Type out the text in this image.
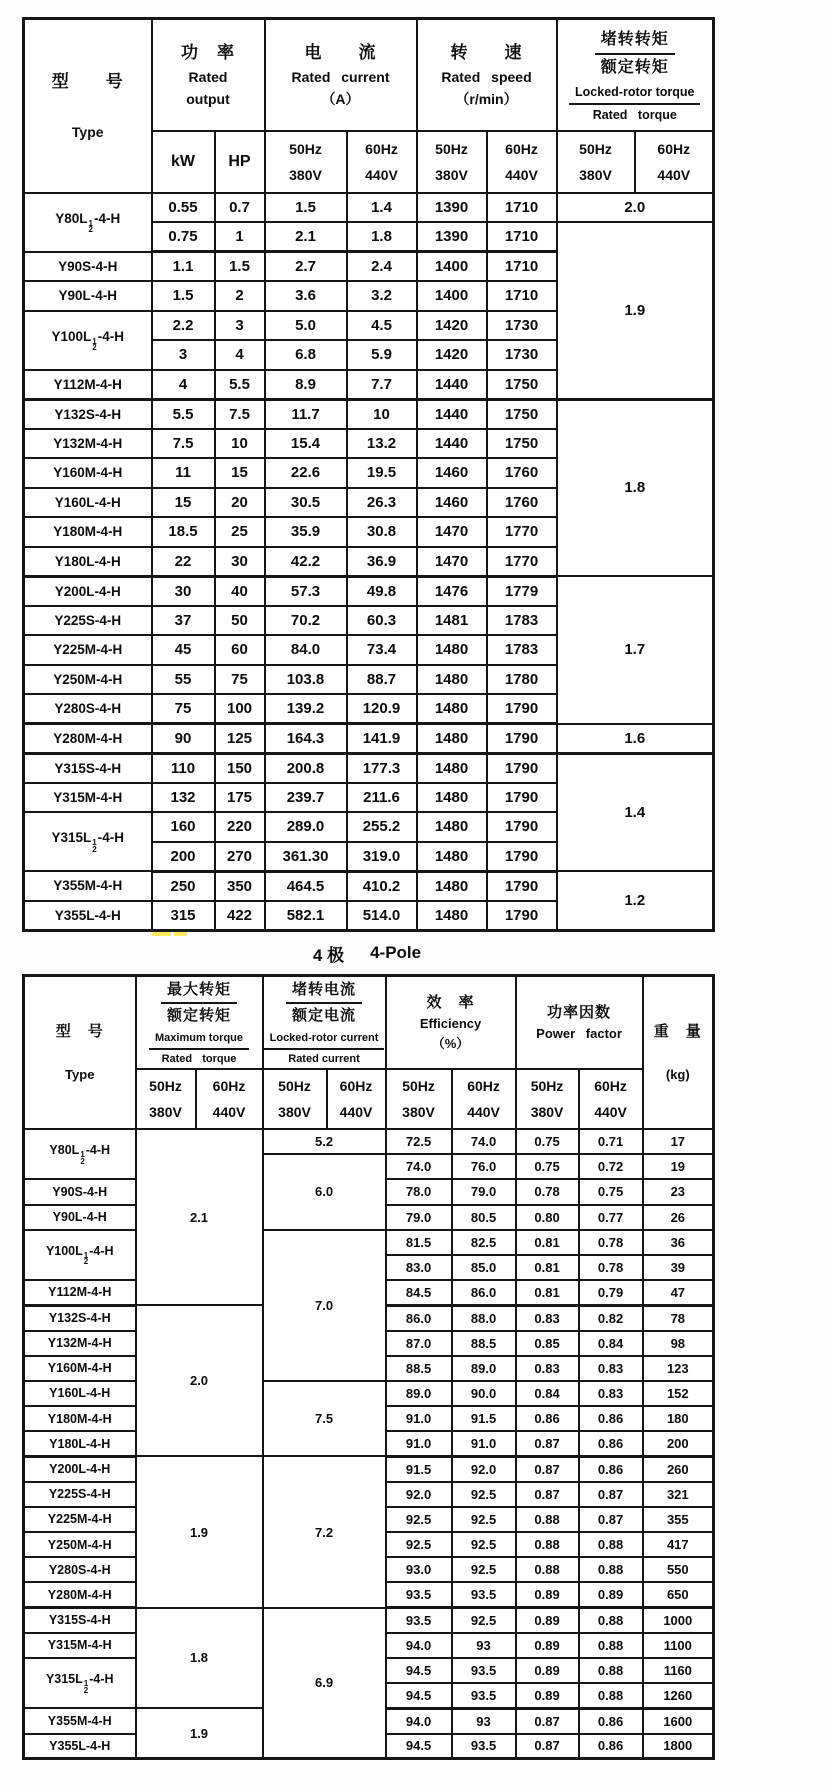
型　　号
Type

功　率
Rated
output

电　　流
Rated current
（A）

转　　速
Rated speed
（r/min）

堵转转矩
额定转矩
Locked-rotor torque
Rated torque

kW	HP	
50Hz
380V

60Hz
440V

50Hz
380V

60Hz
440V

50Hz
380V

60Hz
440V

Y80L 1
2
-4-H	0.55	0.7	1.5	1.4	1390	1710	2.0	
	0.75	1	2.1	1.8	1390	1710	1.9	
Y90S-4-H	1.1	1.5	2.7	2.4	1400	1710		
Y90L-4-H	1.5	2	3.6	3.2	1400	1710		
Y100L 1
2
-4-H	2.2	3	5.0	4.5	1420	1730		
	3	4	6.8	5.9	1420	1730		
Y112M-4-H	4	5.5	8.9	7.7	1440	1750		
Y132S-4-H	5.5	7.5	11.7	10	1440	1750	1.8	
Y132M-4-H	7.5	10	15.4	13.2	1440	1750		
Y160M-4-H	11	15	22.6	19.5	1460	1760		
Y160L-4-H	15	20	30.5	26.3	1460	1760		
Y180M-4-H	18.5	25	35.9	30.8	1470	1770		
Y180L-4-H	22	30	42.2	36.9	1470	1770		
Y200L-4-H	30	40	57.3	49.8	1476	1779	1.7	
Y225S-4-H	37	50	70.2	60.3	1481	1783		
Y225M-4-H	45	60	84.0	73.4	1480	1783		
Y250M-4-H	55	75	103.8	88.7	1480	1780		
Y280S-4-H	75	100	139.2	120.9	1480	1790		
Y280M-4-H	90	125	164.3	141.9	1480	1790	1.6	
Y315S-4-H	110	150	200.8	177.3	1480	1790	1.4	
Y315M-4-H	132	175	239.7	211.6	1480	1790		
Y315L 1
2
-4-H	160	220	289.0	255.2	1480	1790		
	200	270	361.30	319.0	1480	1790		
Y355M-4-H	250	350	464.5	410.2	1480	1790	1.2	
Y355L-4-H	315	422	582.1	514.0	1480	1790		
4 极 4-Pole
型　号
Type

最大转矩
额定转矩
Maximum torque
Rated torque

堵转电流
额定电流
Locked-rotor current
Rated current

效　率
Efficiency
（%）

功率因数
Power factor	重　量
(kg)

50Hz
380V

60Hz
440V

50Hz
380V

60Hz
440V

50Hz
380V

60Hz
440V

50Hz
380V

60Hz
440V

Y80L 1
2
-4-H	2.1		5.2		72.5	74.0	0.75	0.71	17
			6.0		74.0	76.0	0.75	0.72	19
Y90S-4-H					78.0	79.0	0.78	0.75	23
Y90L-4-H					79.0	80.5	0.80	0.77	26
Y100L 1
2
-4-H			7.0		81.5	82.5	0.81	0.78	36
					83.0	85.0	0.81	0.78	39
Y112M-4-H					84.5	86.0	0.81	0.79	47
Y132S-4-H	2.0				86.0	88.0	0.83	0.82	78
Y132M-4-H					87.0	88.5	0.85	0.84	98
Y160M-4-H					88.5	89.0	0.83	0.83	123
Y160L-4-H			7.5		89.0	90.0	0.84	0.83	152
Y180M-4-H					91.0	91.5	0.86	0.86	180
Y180L-4-H					91.0	91.0	0.87	0.86	200
Y200L-4-H	1.9		7.2		91.5	92.0	0.87	0.86	260
Y225S-4-H					92.0	92.5	0.87	0.87	321
Y225M-4-H					92.5	92.5	0.88	0.87	355
Y250M-4-H					92.5	92.5	0.88	0.88	417
Y280S-4-H					93.0	92.5	0.88	0.88	550
Y280M-4-H					93.5	93.5	0.89	0.89	650
Y315S-4-H	1.8		6.9		93.5	92.5	0.89	0.88	1000
Y315M-4-H					94.0	93	0.89	0.88	1100
Y315L 1
2
-4-H					94.5	93.5	0.89	0.88	1160
					94.5	93.5	0.89	0.88	1260
Y355M-4-H	1.9				94.0	93	0.87	0.86	1600
Y355L-4-H					94.5	93.5	0.87	0.86	1800
